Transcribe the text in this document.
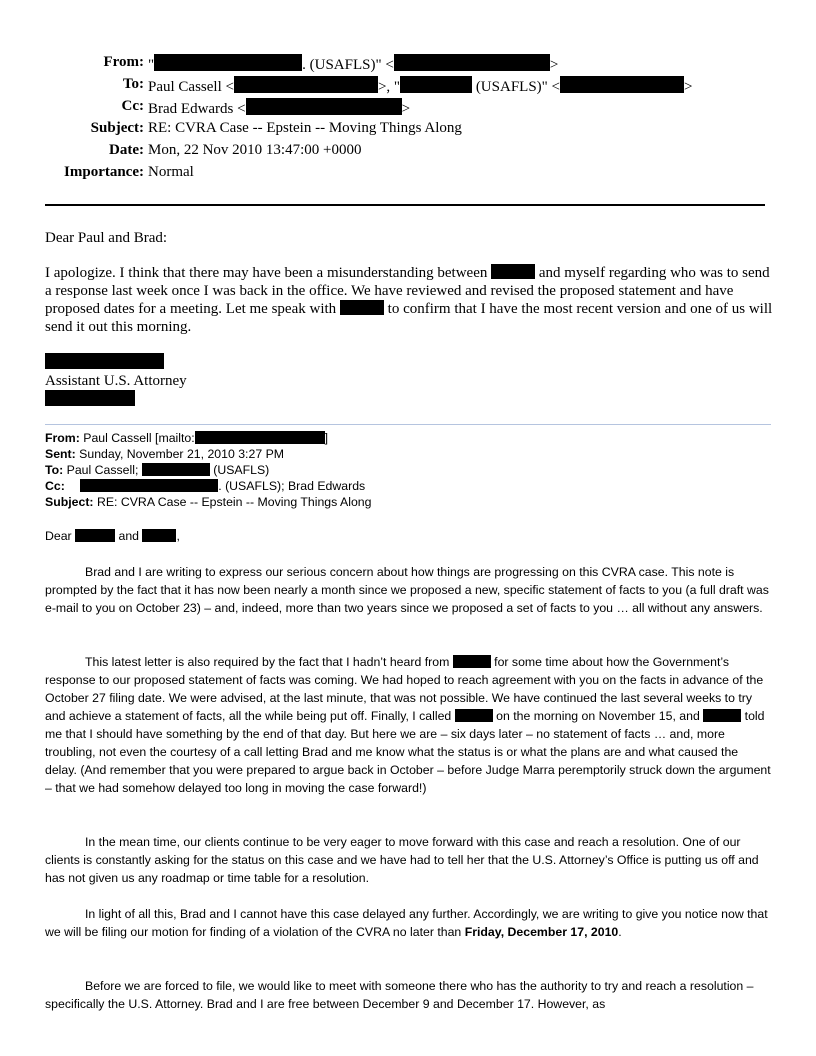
From: "	. (USAFLS)" <	>
To: Paul Cassell <	>, "	(USAFLS)" <	>
Cc: Brad Edwards <	>
Subject: RE: CVRA Case -- Epstein -- Moving Things Along
Date: Mon, 22 Nov 2010 13:47:00 +0000
Importance: Normal
Dear Paul and Brad:
I apologize. I think that there may have been a misunderstanding between	and myself regarding who was to send a response last week once I was back in the office. We have reviewed and revised the proposed statement and have proposed dates for a meeting. Let me speak with	to confirm that I have the most recent version and one of us will send it out this morning.
Assistant U.S. Attorney
From: Paul Cassell [mailto:	]
Sent: Sunday, November 21, 2010 3:27 PM
To: Paul Cassell;	(USAFLS)
Cc:	. (USAFLS); Brad Edwards
Subject: RE: CVRA Case -- Epstein -- Moving Things Along
Dear	and	,
Brad and I are writing to express our serious concern about how things are progressing on this CVRA case. This note is prompted by the fact that it has now been nearly a month since we proposed a new, specific statement of facts to you (a full draft was e-mail to you on October 23) – and, indeed, more than two years since we proposed a set of facts to you … all without any answers.
This latest letter is also required by the fact that I hadn’t heard from	for some time about how the Government’s response to our proposed statement of facts was coming. We had hoped to reach agreement with you on the facts in advance of the October 27 filing date. We were advised, at the last minute, that was not possible. We have continued the last several weeks to try and achieve a statement of facts, all the while being put off. Finally, I called	on the morning on November 15, and	told me that I should have something by the end of that day. But here we are – six days later – no statement of facts … and, more troubling, not even the courtesy of a call letting Brad and me know what the status is or what the plans are and what caused the delay. (And remember that you were prepared to argue back in October – before Judge Marra peremptorily struck down the argument – that we had somehow delayed too long in moving the case forward!)
In the mean time, our clients continue to be very eager to move forward with this case and reach a resolution. One of our clients is constantly asking for the status on this case and we have had to tell her that the U.S. Attorney’s Office is putting us off and has not given us any roadmap or time table for a resolution.
In light of all this, Brad and I cannot have this case delayed any further. Accordingly, we are writing to give you notice now that we will be filing our motion for finding of a violation of the CVRA no later than Friday, December 17, 2010.
Before we are forced to file, we would like to meet with someone there who has the authority to try and reach a resolution – specifically the U.S. Attorney. Brad and I are free between December 9 and December 17. However, as
